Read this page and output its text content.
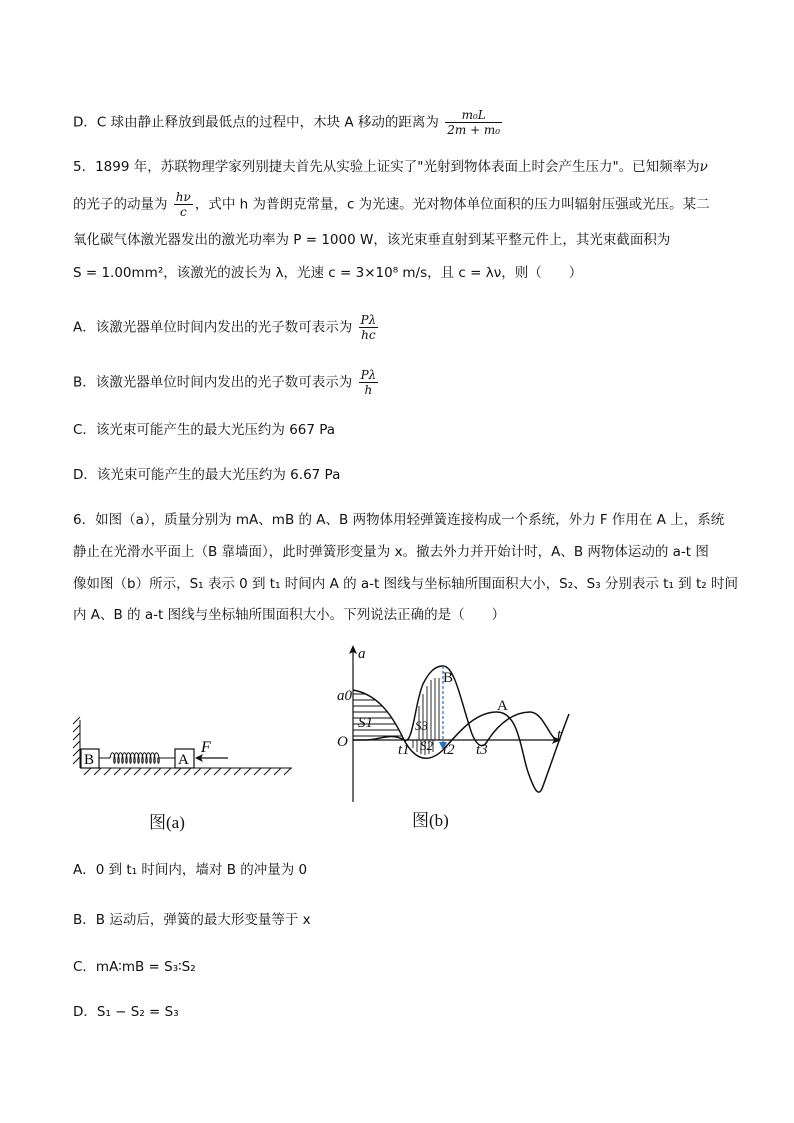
D．C 球由静止释放到最低点的过程中，木块 A 移动的距离为 $\frac{\text{m₀L}}{\text{2m + m₀}}$
5．1899 年，苏联物理学家列别捷夫首先从实验上证实了"光射到物体表面上时会产生压力"。已知频率为ν
的光子的动量为 $\frac{h\nu}{c}$ ，式中 h 为普朗克常量，c 为光速。光对物体单位面积的压力叫辐射压强或光压。某二
氧化碳气体激光器发出的激光功率为 P = 1000 W，该光束垂直射到某平整元件上，其光束截面积为
S = 1.00mm²，该激光的波长为 λ，光速 c = 3×10⁸ m/s，且 c = λν，则（　　）
A．该激光器单位时间内发出的光子数可表示为 $\frac{P\lambda}{hc}$
B．该激光器单位时间内发出的光子数可表示为 $\frac{P\lambda}{h}$
C．该光束可能产生的最大光压约为 667 Pa
D．该光束可能产生的最大光压约为 6.67 Pa
6．如图（a），质量分别为 mA、mB 的 A、B 两物体用轻弹簧连接构成一个系统，外力 F 作用在 A 上，系统
静止在光滑水平面上（B 靠墙面），此时弹簧形变量为 x。撤去外力并开始计时，A、B 两物体运动的 a-t 图
像如图（b）所示，S₁ 表示 0 到 t₁ 时间内 A 的 a-t 图线与坐标轴所围面积大小，S₂、S₃ 分别表示 t₁ 到 t₂ 时间
内 A、B 的 a-t 图线与坐标轴所围面积大小。下列说法正确的是（　　）
B	A
F
图(a)
a
t
O
a0
S1	S3
S2
t1 t2 t3
A
B
图(b)
A．0 到 t₁ 时间内，墙对 B 的冲量为 0
B．B 运动后，弹簧的最大形变量等于 x
C．mA∶mB = S₃∶S₂
D．S₁ − S₂ = S₃
